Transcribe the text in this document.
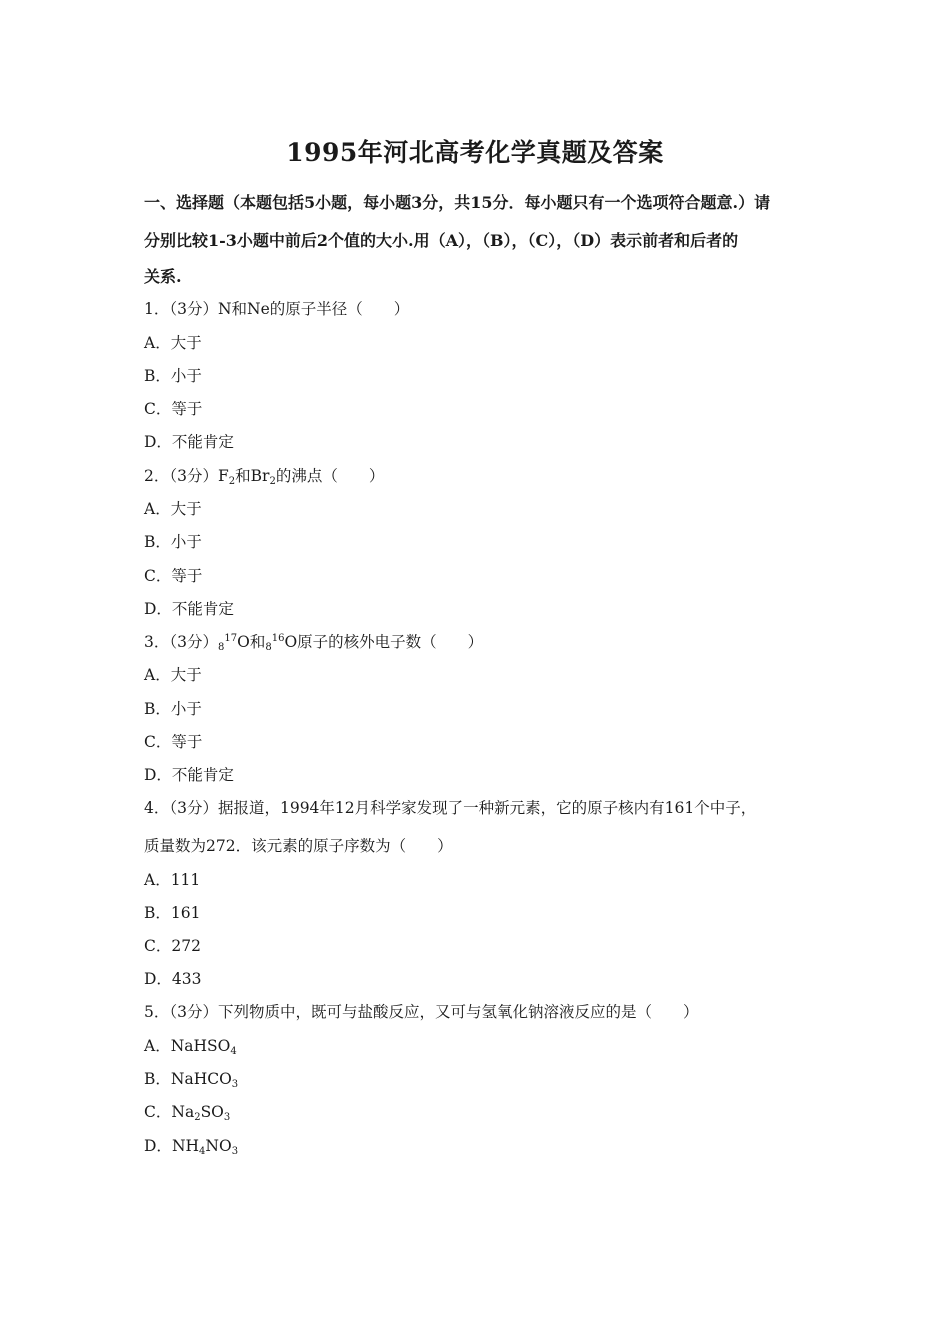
1995年河北高考化学真题及答案
一、选择题（本题包括5小题，每小题3分，共15分．每小题只有一个选项符合题意.）请
分别比较1-3小题中前后2个值的大小.用（A），（B），（C），（D）表示前者和后者的
关系.
1．（3分）N和Ne的原子半径（　　）
A．大于
B．小于
C．等于
D．不能肯定
2．（3分）$F_2$和$Br_2$的沸点（　　）
A．大于
B．小于
C．等于
D．不能肯定
3．（3分）$_8^{17}O$和$_8^{16}$O原子的核外电子数（　　）
A．大于
B．小于
C．等于
D．不能肯定
4．（3分）据报道，1994年12月科学家发现了一种新元素，它的原子核内有161个中子，
质量数为272．该元素的原子序数为（　　）
A．111
B．161
C．272
D．433
5．（3分）下列物质中，既可与盐酸反应，又可与氢氧化钠溶液反应的是（　　）
A．NaHSO$_4$
B．NaHCO$_3$
C．$Na_2SO_3$
D．$NH_4NO_3$
